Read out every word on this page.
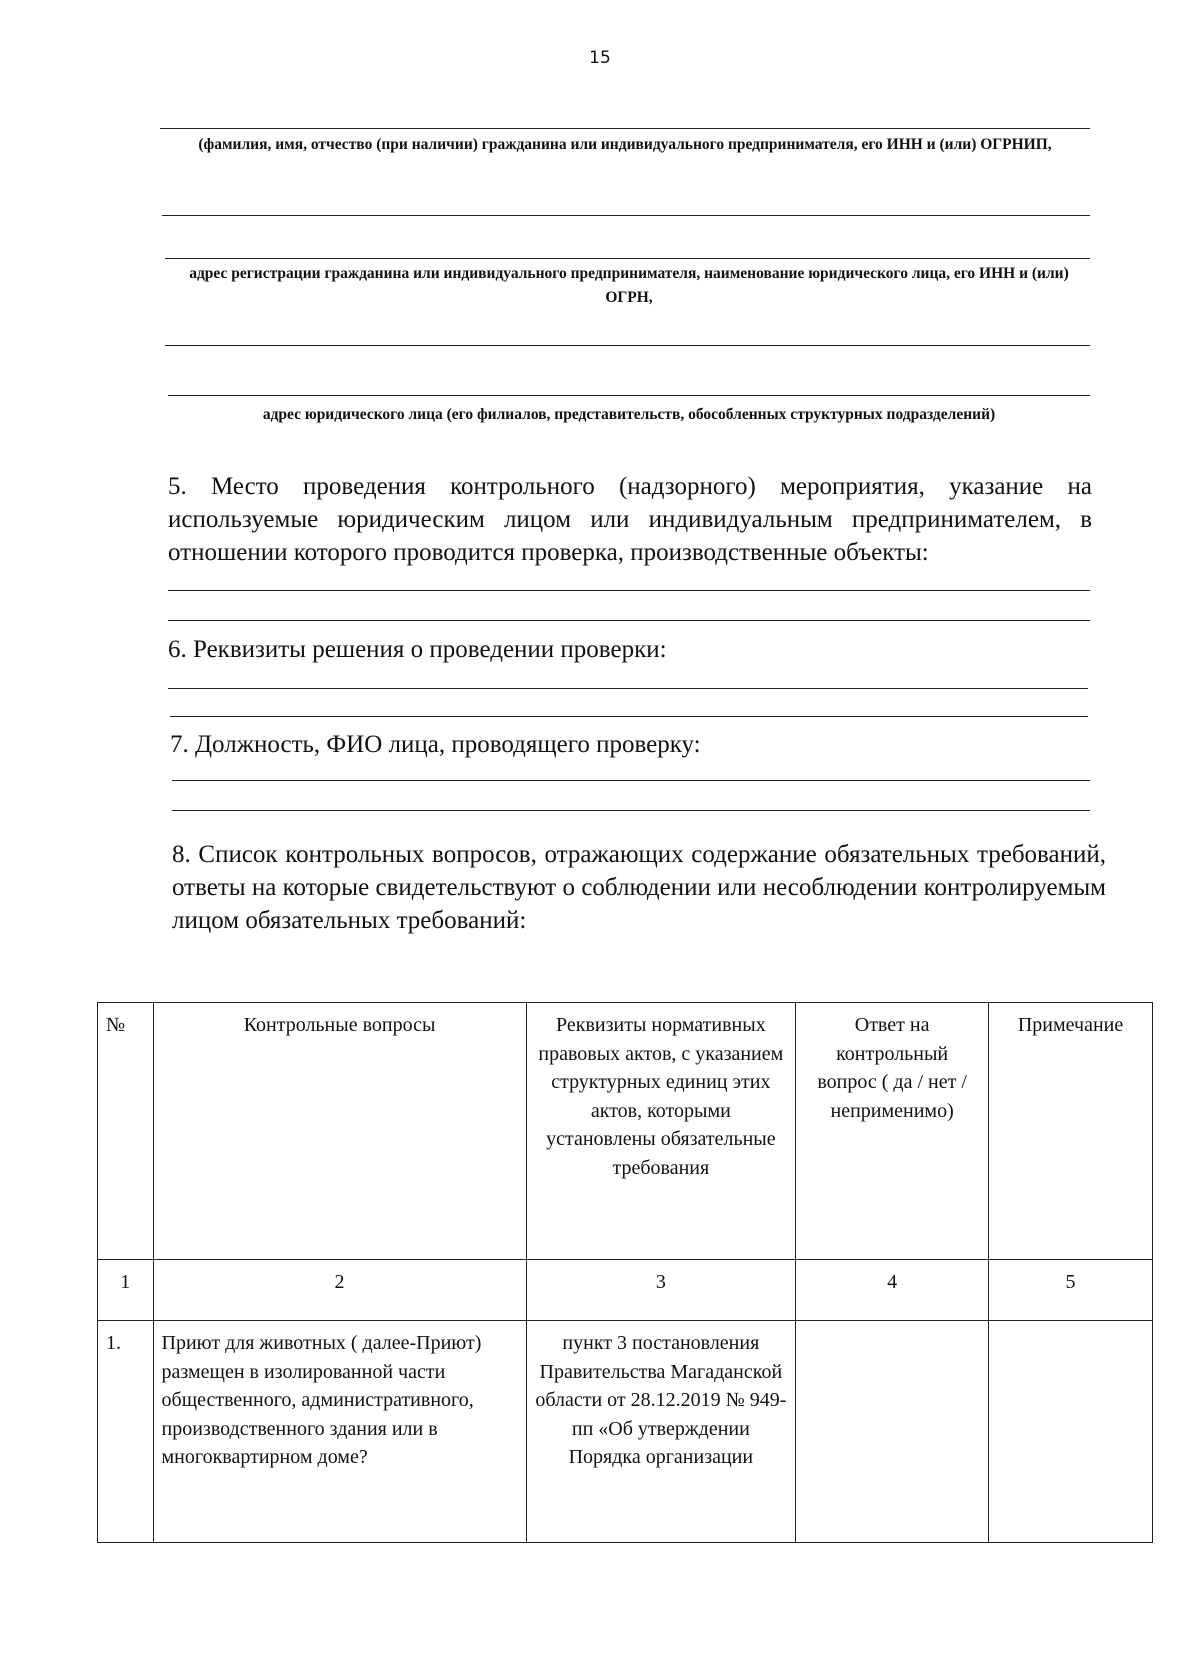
15
(фамилия, имя, отчество (при наличии) гражданина или индивидуального предпринимателя, его ИНН и (или) ОГРНИП,
адрес регистрации гражданина или индивидуального предпринимателя, наименование юридического лица, его ИНН и (или) ОГРН,
адрес юридического лица (его филиалов, представительств, обособленных структурных подразделений)
5. Место проведения контрольного (надзорного) мероприятия, указание на используемые юридическим лицом или индивидуальным предпринимателем, в отношении которого проводится проверка, производственные объекты:
6. Реквизиты решения о проведении проверки:
7. Должность, ФИО лица, проводящего проверку:
8. Список контрольных вопросов, отражающих содержание обязательных требований, ответы на которые свидетельствуют о соблюдении или несоблюдении контролируемым лицом обязательных требований:
№	Контрольные вопросы	Реквизиты нормативных правовых актов, с указанием структурных единиц этих актов, которыми установлены обязательные требования	Ответ на контрольный вопрос ( да / нет / неприменимо)	Примечание
1	2	3	4	5
1.	Приют для животных ( далее-Приют) размещен в изолированной части общественного, административного, производственного здания или в многоквартирном доме?	пункт 3 постановления Правительства Магаданской области от 28.12.2019 № 949-пп «Об утверждении Порядка организации		
